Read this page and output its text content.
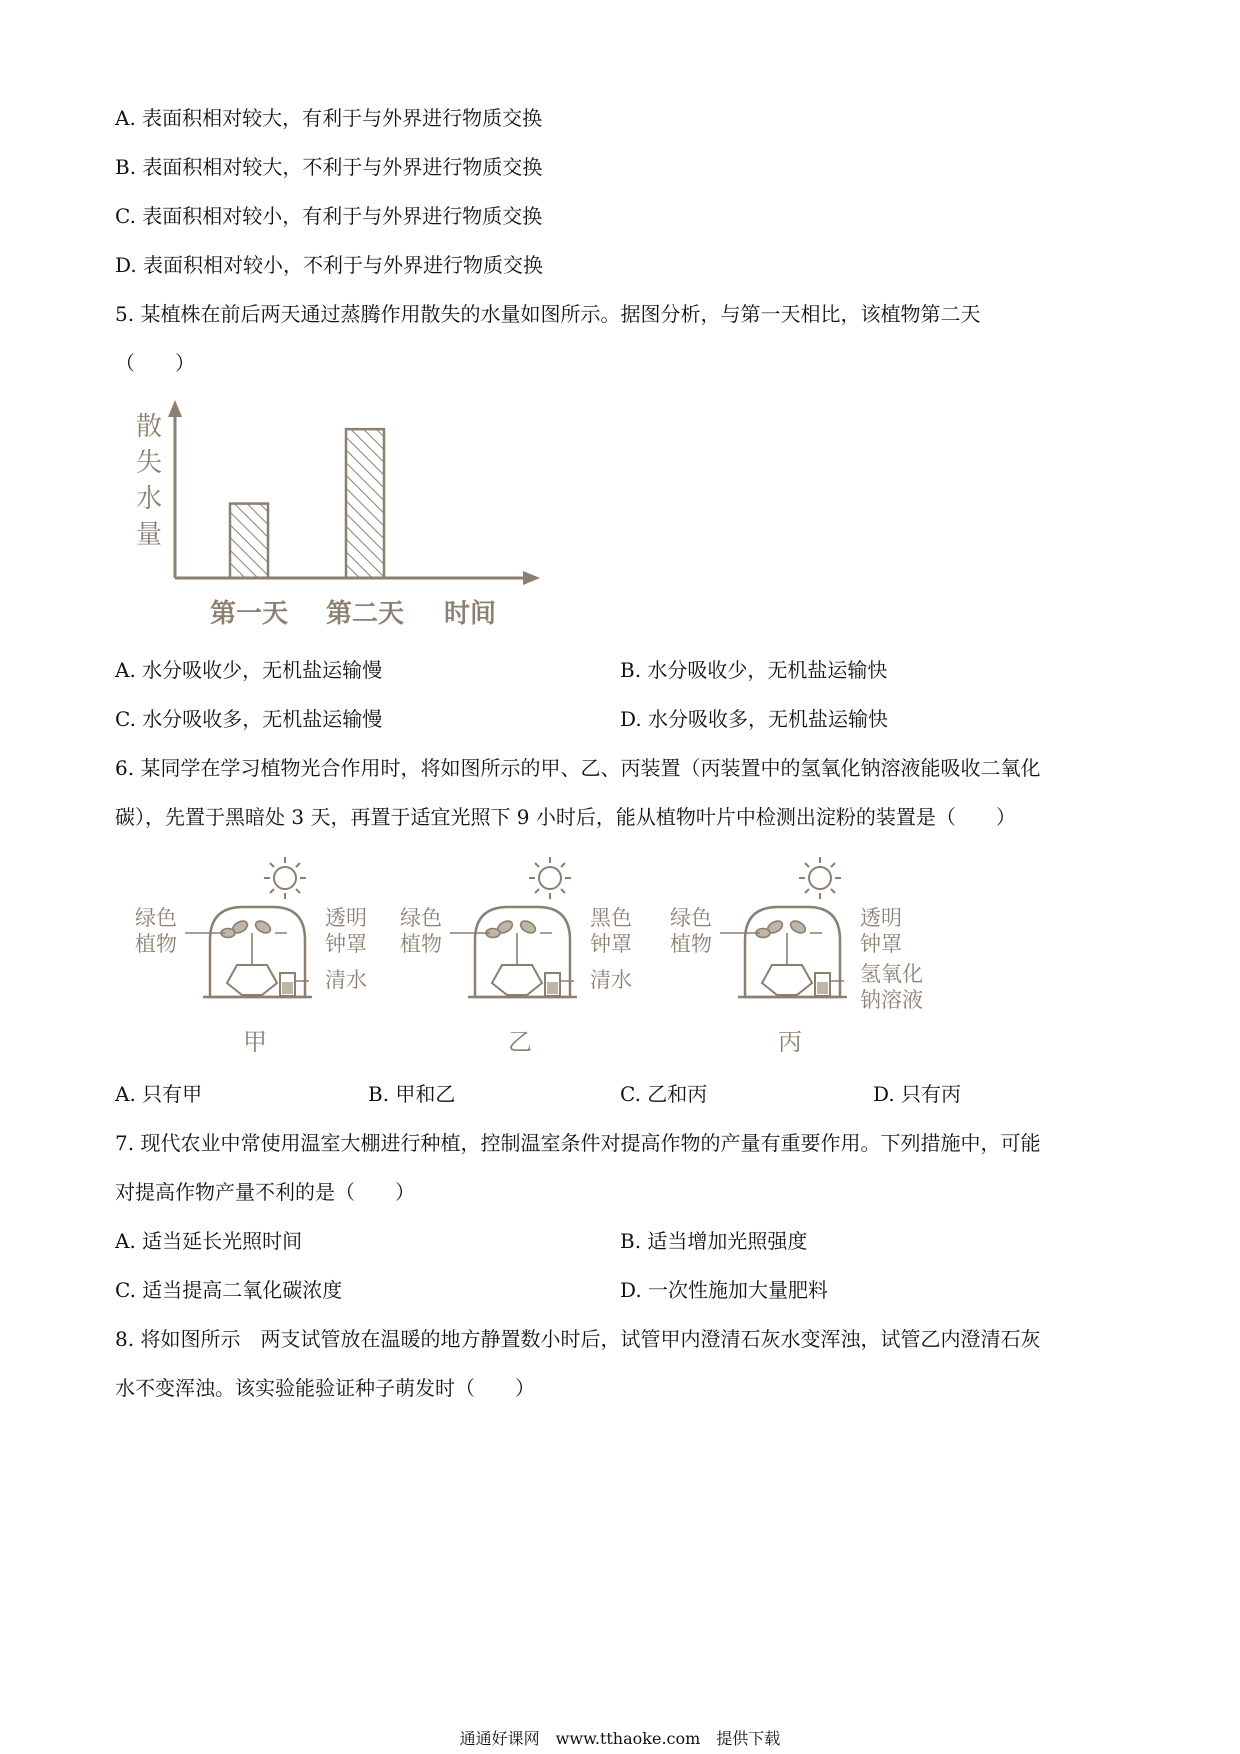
A. 表面积相对较大，有利于与外界进行物质交换
B. 表面积相对较大，不利于与外界进行物质交换
C. 表面积相对较小，有利于与外界进行物质交换
D. 表面积相对较小，不利于与外界进行物质交换
5. 某植株在前后两天通过蒸腾作用散失的水量如图所示。据图分析，与第一天相比，该植物第二天
（　　）
散
失
水
量
第一天 第二天 时间
A. 水分吸收少，无机盐运输慢	B. 水分吸收少，无机盐运输快
C. 水分吸收多，无机盐运输慢	D. 水分吸收多，无机盐运输快
6. 某同学在学习植物光合作用时，将如图所示的甲、乙、丙装置（丙装置中的氢氧化钠溶液能吸收二氧化
碳），先置于黑暗处 3 天，再置于适宜光照下 9 小时后，能从植物叶片中检测出淀粉的装置是（　　）
绿色
植物
透明
钟罩
清水
甲
绿色
植物
黑色
钟罩
清水
乙
绿色
植物
透明
钟罩
氢氧化
钠溶液
丙
A. 只有甲	B. 甲和乙	C. 乙和丙	D. 只有丙
7. 现代农业中常使用温室大棚进行种植，控制温室条件对提高作物的产量有重要作用。下列措施中，可能
对提高作物产量不利的是（　　）
A. 适当延长光照时间	B. 适当增加光照强度
C. 适当提高二氧化碳浓度	D. 一次性施加大量肥料
8. 将如图所示　两支试管放在温暖的地方静置数小时后，试管甲内澄清石灰水变浑浊，试管乙内澄清石灰
水不变浑浊。该实验能验证种子萌发时（　　）
通通好课网　www.tthaoke.com　提供下载
